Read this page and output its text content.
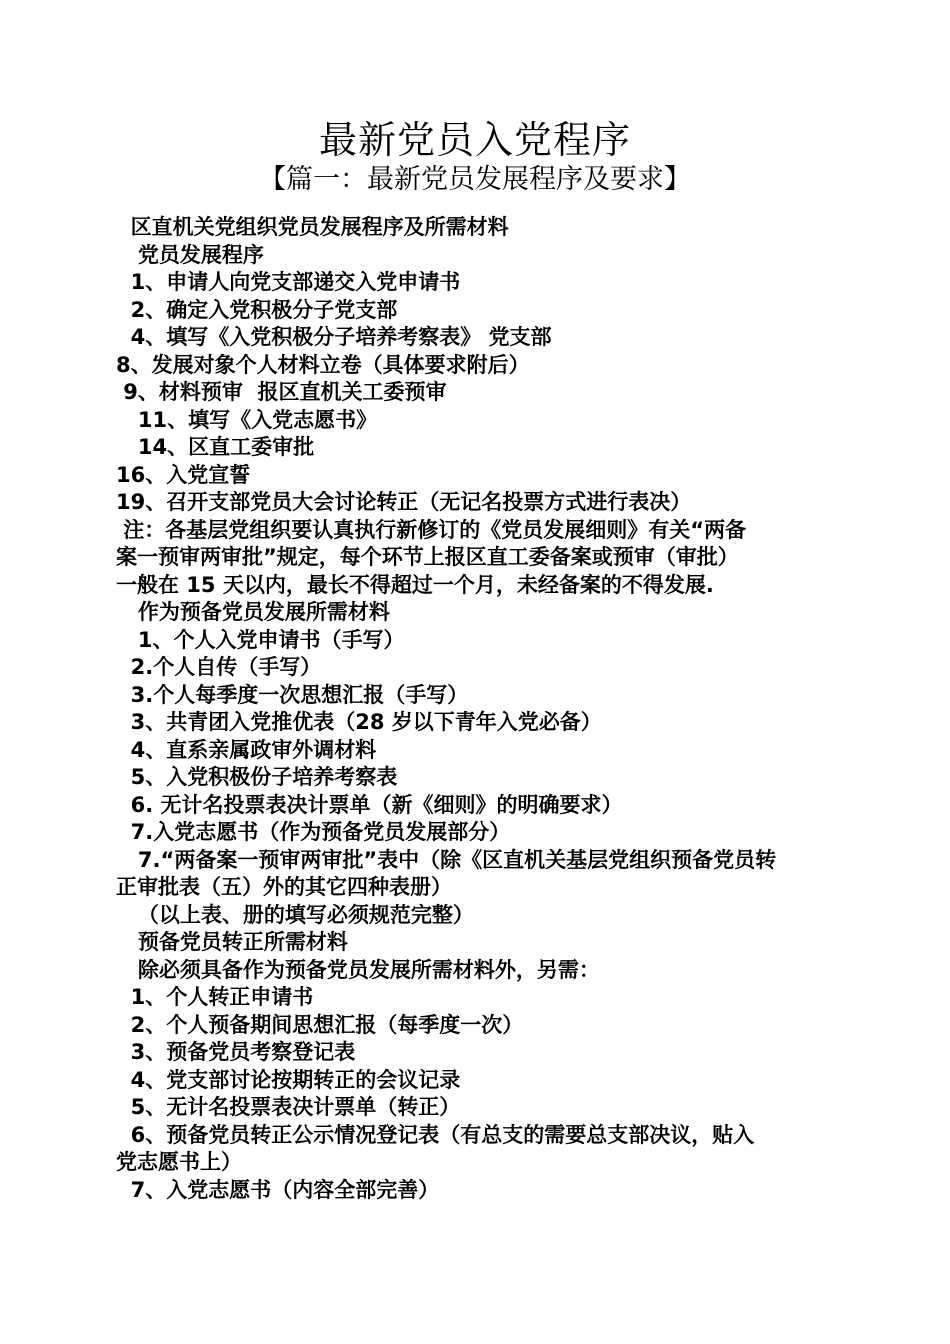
最新党员入党程序
【篇一：最新党员发展程序及要求】
区直机关党组织党员发展程序及所需材料
党员发展程序
1、申请人向党支部递交入党申请书
2、确定入党积极分子党支部
4、填写《入党积极分子培养考察表》 党支部
8、发展对象个人材料立卷（具体要求附后）
9、材料预审  报区直机关工委预审
11、填写《入党志愿书》
14、区直工委审批
16、入党宣誓
19、召开支部党员大会讨论转正（无记名投票方式进行表决）
注：各基层党组织要认真执行新修订的《党员发展细则》有关“两备
案一预审两审批”规定，每个环节上报区直工委备案或预审（审批）
一般在 15 天以内，最长不得超过一个月，未经备案的不得发展.
作为预备党员发展所需材料
1、个人入党申请书（手写）
2.个人自传（手写）
3.个人每季度一次思想汇报（手写）
3、共青团入党推优表（28 岁以下青年入党必备）
4、直系亲属政审外调材料
5、入党积极份子培养考察表
6. 无计名投票表决计票单（新《细则》的明确要求）
7.入党志愿书（作为预备党员发展部分）
7.“两备案一预审两审批”表中（除《区直机关基层党组织预备党员转
正审批表（五）外的其它四种表册）
（以上表、册的填写必须规范完整）
预备党员转正所需材料
除必须具备作为预备党员发展所需材料外，另需：
1、个人转正申请书
2、个人预备期间思想汇报（每季度一次）
3、预备党员考察登记表
4、党支部讨论按期转正的会议记录
5、无计名投票表决计票单（转正）
6、预备党员转正公示情况登记表（有总支的需要总支部决议，贴入
党志愿书上）
7、入党志愿书（内容全部完善）
